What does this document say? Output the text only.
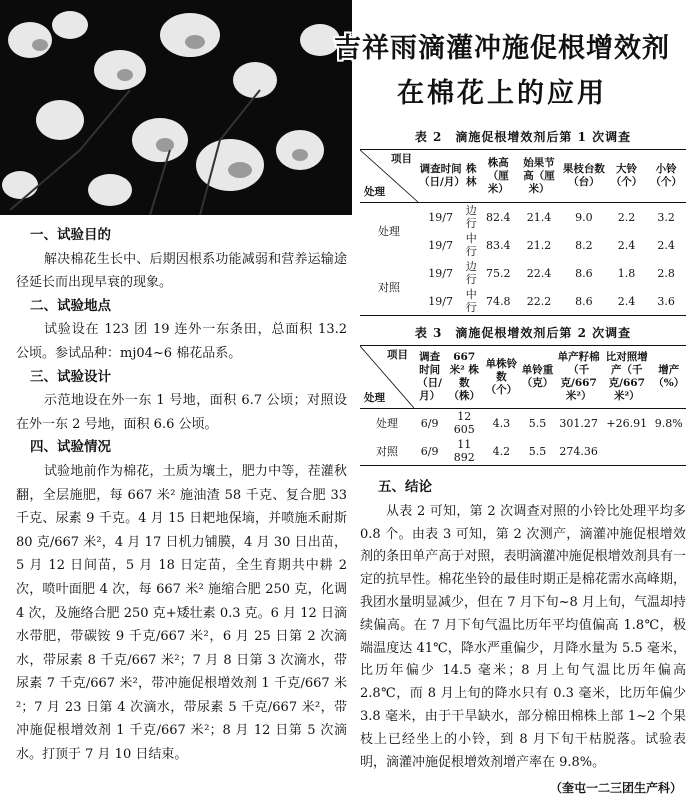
吉祥雨滴灌冲施促根增效剂
在棉花上的应用
一、试验目的

解决棉花生长中、后期因根系功能减弱和营养运输途径延长而出现早衰的现象。

二、试验地点

试验设在 123 团 19 连外一东条田，总面积 13.2 公顷。参试品种：mj04~6 棉花品系。

三、试验设计

示范地设在外一东 1 号地，面积 6.7 公顷；对照设在外一东 2 号地，面积 6.6 公顷。

四、试验情况

试验地前作为棉花，土质为壤土，肥力中等，茬灌秋翻，全层施肥，每 667 米² 施油渣 58 千克、复合肥 33 千克、尿素 9 千克。4 月 15 日耙地保墒，并喷施禾耐斯 80 克/667 米²，4 月 17 日机力铺膜，4 月 30 日出苗，5 月 12 日间苗，5 月 18 日定苗，全生育期共中耕 2 次，喷叶面肥 4 次，每 667 米² 施缩合肥 250 克，化调 4 次，及施络合肥 250 克+矮壮素 0.3 克。6 月 12 日滴水带肥，带碳铵 9 千克/667 米²，6 月 25 日第 2 次滴水，带尿素 8 千克/667 米²；7 月 8 日第 3 次滴水，带尿素 7 千克/667 米²，带冲施促根增效剂 1 千克/667 米²；7 月 23 日第 4 次滴水，带尿素 5 千克/667 米²，带冲施促根增效剂 1 千克/667 米²；8 月 12 日第 5 次滴水。打顶于 7 月 10 日结束。

表 2　滴施促根增效剂后第 1 次调查
项目
处理	调查时间（日/月）	株林	株高（厘米）	始果节高（厘米）	果枝台数（台）	大铃（个）	小铃（个）
处理	19/7	边行	82.4	21.4	9.0	2.2	3.2
	19/7	中行	83.4	21.2	8.2	2.4	2.4
对照	19/7	边行	75.2	22.4	8.6	1.8	2.8
	19/7	中行	74.8	22.2	8.6	2.4	3.6
表 3　滴施促根增效剂后第 2 次调查
项目
处理	调查时间（日/月）	667 米² 株数（株）	单株铃数（个）	单铃重（克）	单产籽棉（千克/667 米²）	比对照增产（千克/667 米²）	增产（%）
处理	6/9	12 605	4.3	5.5	301.27	+26.91	9.8%
对照	6/9	11 892	4.2	5.5	274.36		
五、结论

从表 2 可知，第 2 次调查对照的小铃比处理平均多 0.8 个。由表 3 可知，第 2 次测产，滴灌冲施促根增效剂的条田单产高于对照，表明滴灌冲施促根增效剂具有一定的抗早性。棉花坐铃的最佳时期正是棉花需水高峰期，我团水量明显减少，但在 7 月下旬~8 月上旬，气温却持续偏高。在 7 月下旬气温比历年平均值偏高 1.8℃，极端温度达 41℃，降水严重偏少，月降水量为 5.5 毫米，比历年偏少 14.5 毫米；8 月上旬气温比历年偏高 2.8℃，而 8 月上旬的降水只有 0.3 毫米，比历年偏少 3.8 毫米，由于干旱缺水，部分棉田棉株上部 1~2 个果枝上已经坐上的小铃，到 8 月下旬干枯脱落。试验表明，滴灌冲施促根增效剂增产率在 9.8%。

（奎屯一二三团生产科）
